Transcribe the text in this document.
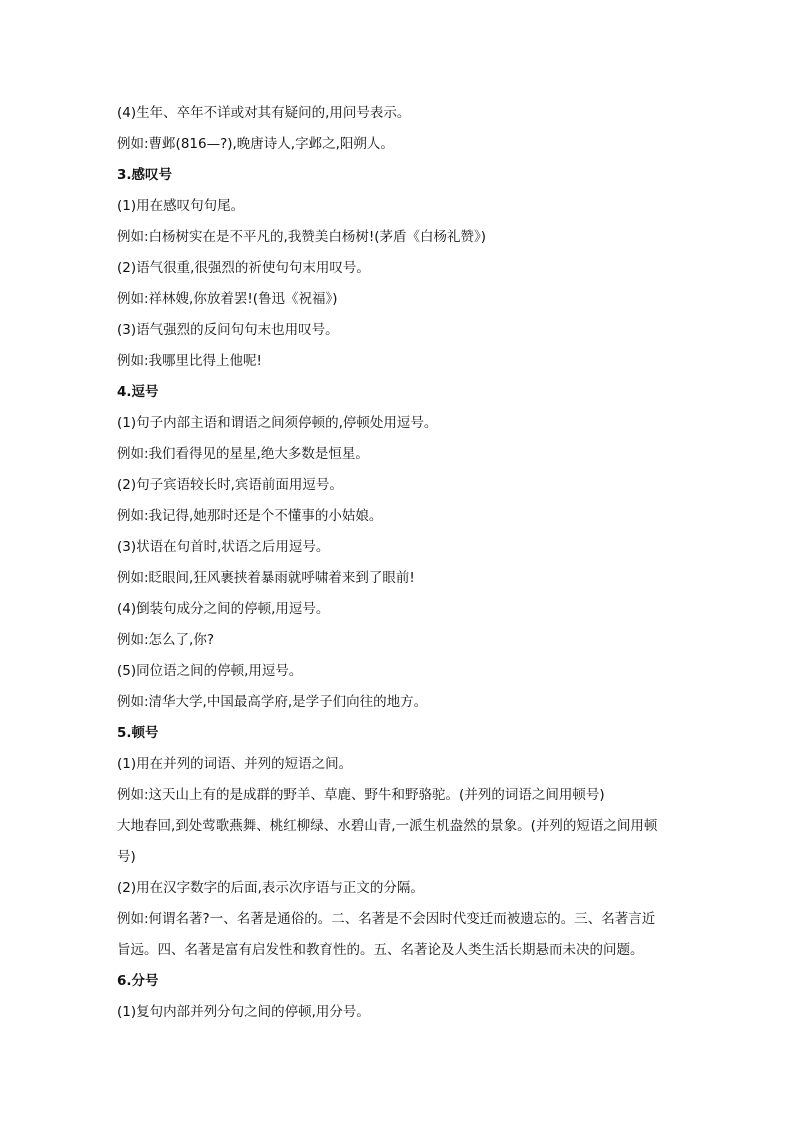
(4)生年、卒年不详或对其有疑问的,用问号表示。

例如:曹邺(816—?),晚唐诗人,字邺之,阳朔人。

3.感叹号

(1)用在感叹句句尾。

例如:白杨树实在是不平凡的,我赞美白杨树!(茅盾《白杨礼赞》)

(2)语气很重,很强烈的祈使句句末用叹号。

例如:祥林嫂,你放着罢!(鲁迅《祝福》)

(3)语气强烈的反问句句末也用叹号。

例如:我哪里比得上他呢!

4.逗号

(1)句子内部主语和谓语之间须停顿的,停顿处用逗号。

例如:我们看得见的星星,绝大多数是恒星。

(2)句子宾语较长时,宾语前面用逗号。

例如:我记得,她那时还是个不懂事的小姑娘。

(3)状语在句首时,状语之后用逗号。

例如:眨眼间,狂风裹挟着暴雨就呼啸着来到了眼前!

(4)倒装句成分之间的停顿,用逗号。

例如:怎么了,你?

(5)同位语之间的停顿,用逗号。

例如:清华大学,中国最高学府,是学子们向往的地方。

5.顿号

(1)用在并列的词语、并列的短语之间。

例如:这天山上有的是成群的野羊、草鹿、野牛和野骆驼。(并列的词语之间用顿号)

大地春回,到处莺歌燕舞、桃红柳绿、水碧山青,一派生机盎然的景象。(并列的短语之间用顿

号)

(2)用在汉字数字的后面,表示次序语与正文的分隔。

例如:何谓名著?一、名著是通俗的。二、名著是不会因时代变迁而被遗忘的。三、名著言近

旨远。四、名著是富有启发性和教育性的。五、名著论及人类生活长期悬而未决的问题。

6.分号

(1)复句内部并列分句之间的停顿,用分号。
